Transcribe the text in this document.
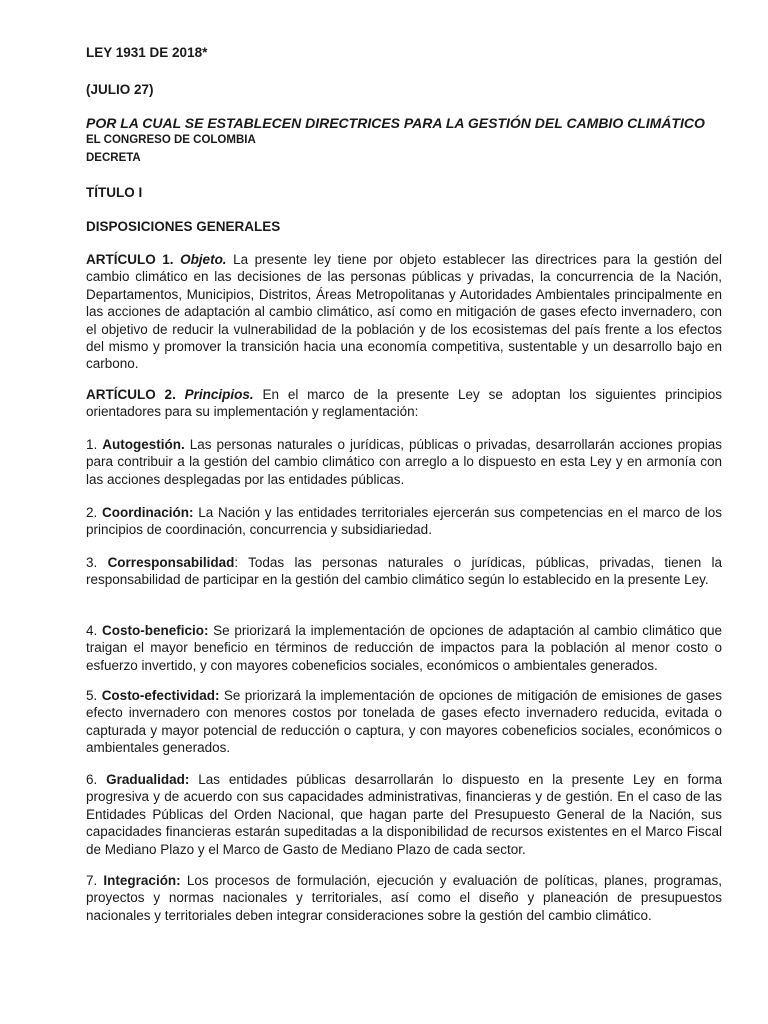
LEY 1931 DE 2018*
(JULIO 27)
POR LA CUAL SE ESTABLECEN DIRECTRICES PARA LA GESTIÓN DEL CAMBIO CLIMÁTICO
EL CONGRESO DE COLOMBIA
DECRETA
TÍTULO I
DISPOSICIONES GENERALES
ARTÍCULO 1. Objeto. La presente ley tiene por objeto establecer las directrices para la gestión del cambio climático en las decisiones de las personas públicas y privadas, la concurrencia de la Nación, Departamentos, Municipios, Distritos, Áreas Metropolitanas y Autoridades Ambientales principalmente en las acciones de adaptación al cambio climático, así como en mitigación de gases efecto invernadero, con el objetivo de reducir la vulnerabilidad de la población y de los ecosistemas del país frente a los efectos del mismo y promover la transición hacia una economía competitiva, sustentable y un desarrollo bajo en carbono.
ARTÍCULO 2. Principios. En el marco de la presente Ley se adoptan los siguientes principios orientadores para su implementación y reglamentación:
1. Autogestión. Las personas naturales o jurídicas, públicas o privadas, desarrollarán acciones propias para contribuir a la gestión del cambio climático con arreglo a lo dispuesto en esta Ley y en armonía con las acciones desplegadas por las entidades públicas.
2. Coordinación: La Nación y las entidades territoriales ejercerán sus competencias en el marco de los principios de coordinación, concurrencia y subsidiariedad.
3. Corresponsabilidad: Todas las personas naturales o jurídicas, públicas, privadas, tienen la responsabilidad de participar en la gestión del cambio climático según lo establecido en la presente Ley.
4. Costo-beneficio: Se priorizará la implementación de opciones de adaptación al cambio climático que traigan el mayor beneficio en términos de reducción de impactos para la población al menor costo o esfuerzo invertido, y con mayores cobeneficios sociales, económicos o ambientales generados.
5. Costo-efectividad: Se priorizará la implementación de opciones de mitigación de emisiones de gases efecto invernadero con menores costos por tonelada de gases efecto invernadero reducida, evitada o capturada y mayor potencial de reducción o captura, y con mayores cobeneficios sociales, económicos o ambientales generados.
6. Gradualidad: Las entidades públicas desarrollarán lo dispuesto en la presente Ley en forma progresiva y de acuerdo con sus capacidades administrativas, financieras y de gestión. En el caso de las Entidades Públicas del Orden Nacional, que hagan parte del Presupuesto General de la Nación, sus capacidades financieras estarán supeditadas a la disponibilidad de recursos existentes en el Marco Fiscal de Mediano Plazo y el Marco de Gasto de Mediano Plazo de cada sector.
7. Integración: Los procesos de formulación, ejecución y evaluación de políticas, planes, programas, proyectos y normas nacionales y territoriales, así como el diseño y planeación de presupuestos nacionales y territoriales deben integrar consideraciones sobre la gestión del cambio climático.
